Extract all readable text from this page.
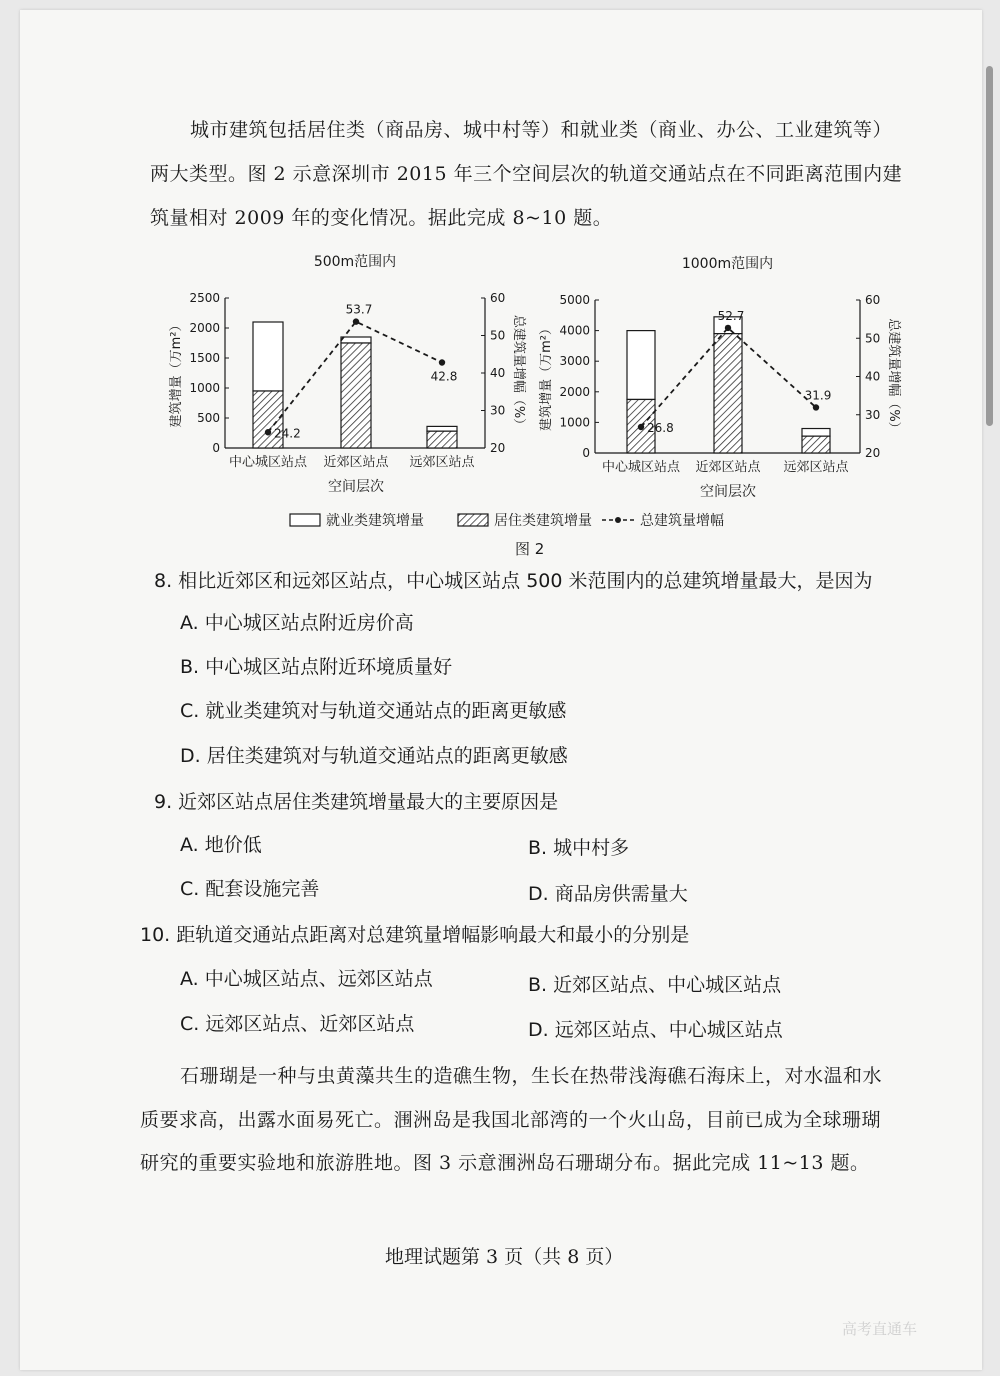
城市建筑包括居住类（商品房、城中村等）和就业类（商业、办公、工业建筑等）
两大类型。图 2 示意深圳市 2015 年三个空间层次的轨道交通站点在不同距离范围内建
筑量相对 2009 年的变化情况。据此完成 8~10 题。
500m范围内
0
500
1000
1500
2000
2500
20
30
40
50
60
建筑增量（万m²）	总建筑量增幅（%）
中心城区站点 近郊区站点 远郊区站点
空间层次
24.2
53.7
42.8
1000m范围内
0
1000
2000
3000
4000
5000
20
30
40
50
60
建筑增量（万m²）	总建筑量增幅（%）
中心城区站点 近郊区站点 远郊区站点
空间层次
26.8
52.7
31.9
就业类建筑增量	居住类建筑增量	总建筑量增幅
图 2
8. 相比近郊区和远郊区站点，中心城区站点 500 米范围内的总建筑增量最大，是因为
A. 中心城区站点附近房价高
B. 中心城区站点附近环境质量好
C. 就业类建筑对与轨道交通站点的距离更敏感
D. 居住类建筑对与轨道交通站点的距离更敏感
9. 近郊区站点居住类建筑增量最大的主要原因是
A. 地价低	B. 城中村多
C. 配套设施完善	D. 商品房供需量大
10. 距轨道交通站点距离对总建筑量增幅影响最大和最小的分别是
A. 中心城区站点、远郊区站点	B. 近郊区站点、中心城区站点
C. 远郊区站点、近郊区站点	D. 远郊区站点、中心城区站点
石珊瑚是一种与虫黄藻共生的造礁生物，生长在热带浅海礁石海床上，对水温和水
质要求高，出露水面易死亡。涠洲岛是我国北部湾的一个火山岛，目前已成为全球珊瑚
研究的重要实验地和旅游胜地。图 3 示意涠洲岛石珊瑚分布。据此完成 11~13 题。
地理试题第 3 页（共 8 页）
高考直通车
